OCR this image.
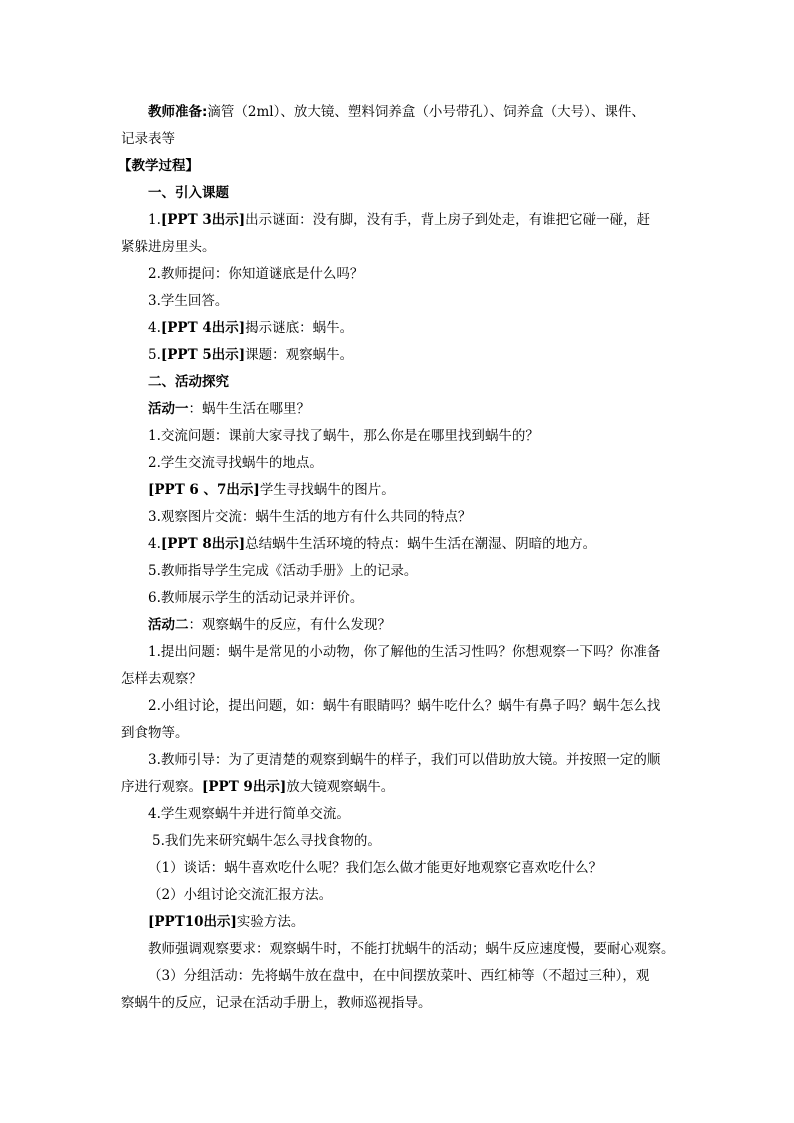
教师准备:滴管（2ml）、放大镜、塑料饲养盒（小号带孔）、饲养盒（大号）、课件、
记录表等
【教学过程】
一、引入课题
1.[PPT 3出示]出示谜面：没有脚，没有手，背上房子到处走，有谁把它碰一碰，赶
紧躲进房里头。
2.教师提问：你知道谜底是什么吗？
3.学生回答。
4.[PPT 4出示]揭示谜底：蜗牛。
5.[PPT 5出示]课题：观察蜗牛。
二、活动探究
活动一：蜗牛生活在哪里？
1.交流问题：课前大家寻找了蜗牛，那么你是在哪里找到蜗牛的？
2.学生交流寻找蜗牛的地点。
[PPT 6 、7出示]学生寻找蜗牛的图片。
3.观察图片交流：蜗牛生活的地方有什么共同的特点？
4.[PPT 8出示]总结蜗牛生活环境的特点：蜗牛生活在潮湿、阴暗的地方。
5.教师指导学生完成《活动手册》上的记录。
6.教师展示学生的活动记录并评价。
活动二：观察蜗牛的反应，有什么发现？
1.提出问题：蜗牛是常见的小动物，你了解他的生活习性吗？你想观察一下吗？你准备
怎样去观察？
2.小组讨论，提出问题，如：蜗牛有眼睛吗？蜗牛吃什么？蜗牛有鼻子吗？蜗牛怎么找
到食物等。
3.教师引导：为了更清楚的观察到蜗牛的样子，我们可以借助放大镜。并按照一定的顺
序进行观察。[PPT 9出示]放大镜观察蜗牛。
4.学生观察蜗牛并进行简单交流。
5.我们先来研究蜗牛怎么寻找食物的。
（1）谈话：蜗牛喜欢吃什么呢？我们怎么做才能更好地观察它喜欢吃什么？
（2）小组讨论交流汇报方法。
[PPT10出示]实验方法。
教师强调观察要求：观察蜗牛时，不能打扰蜗牛的活动；蜗牛反应速度慢，要耐心观察。
（3）分组活动：先将蜗牛放在盘中，在中间摆放菜叶、西红柿等（不超过三种），观
察蜗牛的反应，记录在活动手册上，教师巡视指导。
